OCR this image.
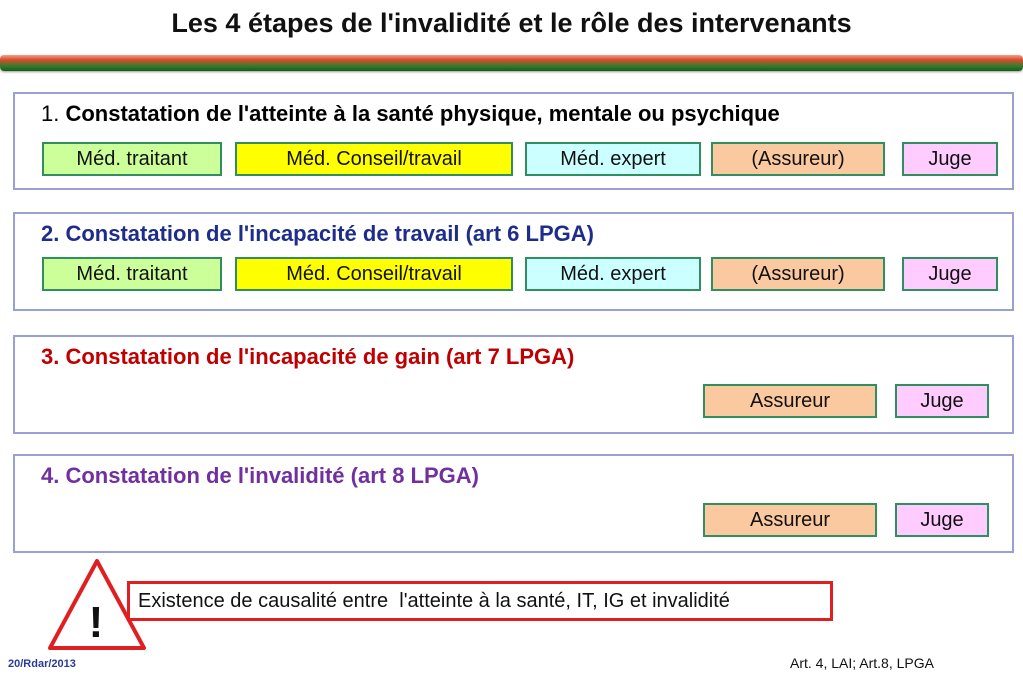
Les 4 étapes de l'invalidité et le rôle des intervenants
1. Constatation de l'atteinte à la santé physique, mentale ou psychique
Méd. traitant	Méd. Conseil/travail	Méd. expert	(Assureur)	Juge
2. Constatation de l'incapacité de travail (art 6 LPGA)
Méd. traitant	Méd. Conseil/travail	Méd. expert	(Assureur)	Juge
3. Constatation de l'incapacité de gain (art 7 LPGA)
Assureur	Juge
4. Constatation de l'invalidité (art 8 LPGA)
Assureur	Juge
!	Existence de causalité entre  l'atteinte à la santé, IT, IG et invalidité
20/Rdar/2013	Art. 4, LAI; Art.8, LPGA
